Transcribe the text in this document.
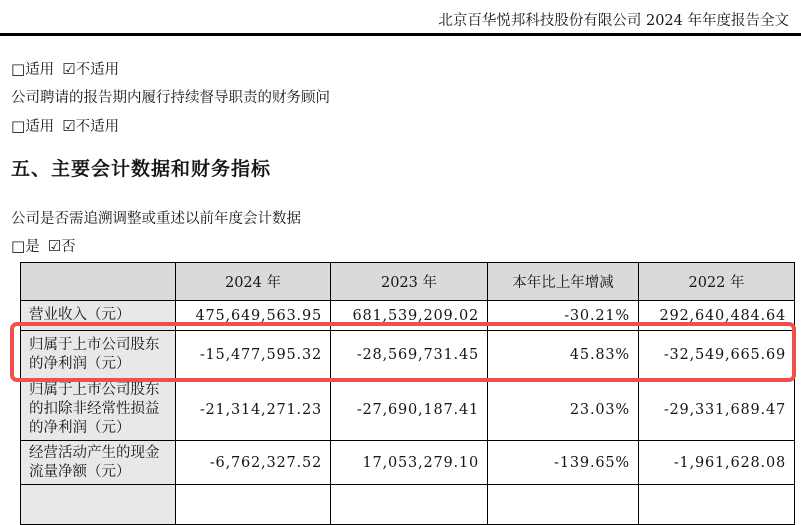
北京百华悦邦科技股份有限公司 2024 年年度报告全文
□适用 ☑不适用
公司聘请的报告期内履行持续督导职责的财务顾问
□适用 ☑不适用
五、主要会计数据和财务指标
公司是否需追溯调整或重述以前年度会计数据
□是 ☑否
	2024 年	2023 年	本年比上年增减	2022 年
营业收入（元）	475,649,563.95	681,539,209.02	-30.21%	292,640,484.64
归属于上市公司股东的净利润（元）	-15,477,595.32	-28,569,731.45	45.83%	-32,549,665.69
归属于上市公司股东的扣除非经常性损益的净利润（元）	-21,314,271.23	-27,690,187.41	23.03%	-29,331,689.47
经营活动产生的现金流量净额（元）	-6,762,327.52	17,053,279.10	-139.65%	-1,961,628.08
